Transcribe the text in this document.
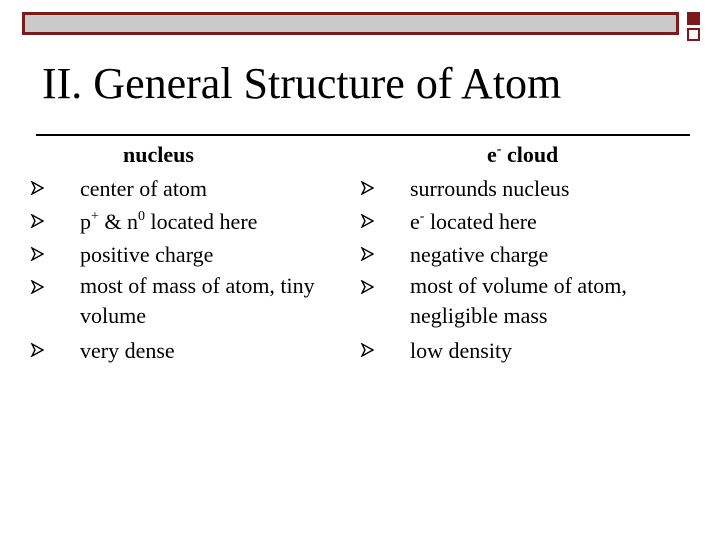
II. General Structure of Atom
nucleus
center of atom
p+ & $n^0$ located here
positive charge
most of mass of atom, tiny volume
very dense
e- cloud
surrounds nucleus
e- located here
negative charge
most of volume of atom, negligible mass
low density
